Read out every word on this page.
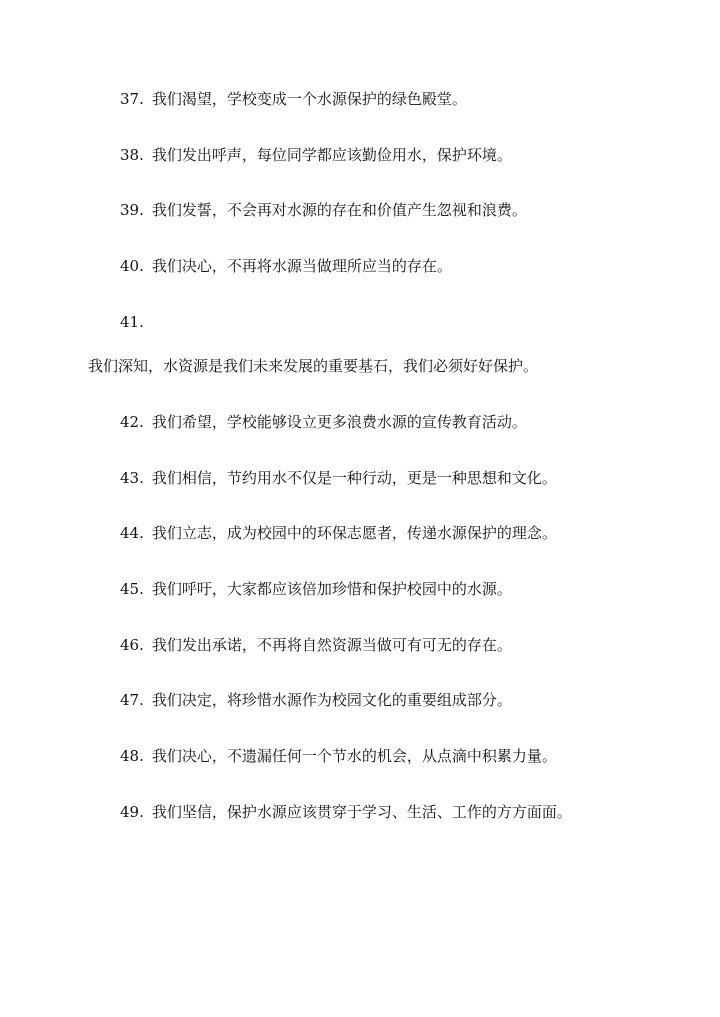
37. 我们渴望，学校变成一个水源保护的绿色殿堂。
38. 我们发出呼声，每位同学都应该勤俭用水，保护环境。
39. 我们发誓，不会再对水源的存在和价值产生忽视和浪费。
40. 我们决心，不再将水源当做理所应当的存在。
41.
我们深知，水资源是我们未来发展的重要基石，我们必须好好保护。
42. 我们希望，学校能够设立更多浪费水源的宣传教育活动。
43. 我们相信，节约用水不仅是一种行动，更是一种思想和文化。
44. 我们立志，成为校园中的环保志愿者，传递水源保护的理念。
45. 我们呼吁，大家都应该倍加珍惜和保护校园中的水源。
46. 我们发出承诺，不再将自然资源当做可有可无的存在。
47. 我们决定，将珍惜水源作为校园文化的重要组成部分。
48. 我们决心，不遗漏任何一个节水的机会，从点滴中积累力量。
49. 我们坚信，保护水源应该贯穿于学习、生活、工作的方方面面。
